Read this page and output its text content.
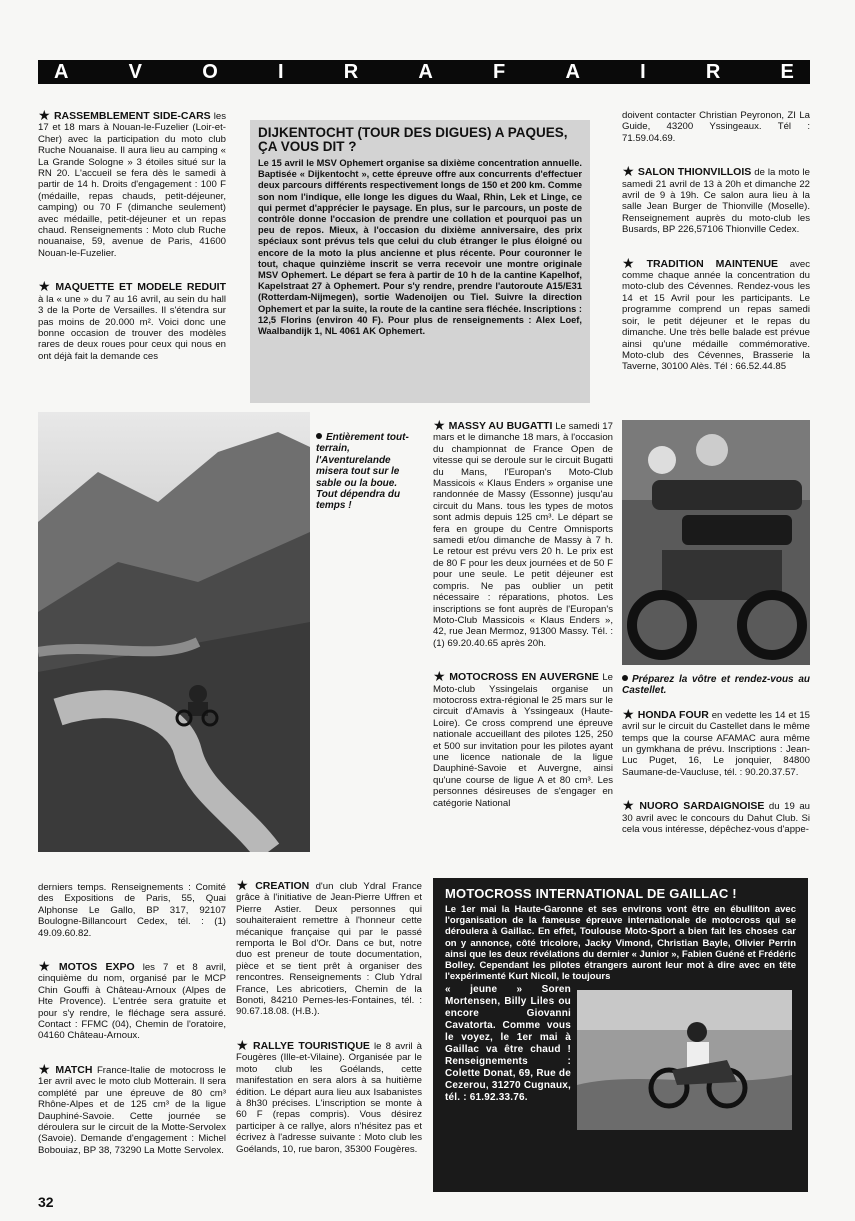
A	V	O	I	R	A	F	A	I	R	E

★ RASSEMBLEMENT SIDE-CARS les 17 et 18 mars à Nouan-le-Fuzelier (Loir-et-Cher) avec la participation du moto club Ruche Nouanaise. Il aura lieu au camping « La Grande Sologne » 3 étoiles situé sur la RN 20. L'accueil se fera dès le samedi à partir de 14 h. Droits d'engagement : 100 F (médaille, repas chauds, petit-déjeuner, camping) ou 70 F (dimanche seulement) avec médaille, petit-déjeuner et un repas chaud. Renseignements : Moto club Ruche nouanaise, 59, avenue de Paris, 41600 Nouan-le-Fuzelier.

★ MAQUETTE ET MODELE REDUIT à la « une » du 7 au 16 avril, au sein du hall 3 de la Porte de Versailles. Il s'étendra sur pas moins de 20.000 m². Voici donc une bonne occasion de trouver des modèles rares de deux roues pour ceux qui nous en ont déjà fait la demande ces

DIJKENTOCHT (TOUR DES DIGUES) A PAQUES, ÇA VOUS DIT ?

Le 15 avril le MSV Ophemert organise sa dixième concentration annuelle. Baptisée « Dijkentocht », cette épreuve offre aux concurrents d'effectuer deux parcours différents respectivement longs de 150 et 200 km. Comme son nom l'indique, elle longe les digues du Waal, Rhin, Lek et Linge, ce qui permet d'apprécier le paysage. En plus, sur le parcours, un poste de contrôle donne l'occasion de prendre une collation et pourquoi pas un peu de repos. Mieux, à l'occasion du dixième anniversaire, des prix spéciaux sont prévus tels que celui du club étranger le plus éloigné ou encore de la moto la plus ancienne et plus récente. Pour couronner le tout, chaque quinzième inscrit se verra recevoir une montre originale MSV Ophemert. Le départ se fera à partir de 10 h de la cantine Kapelhof, Kapelstraat 27 à Ophemert. Pour s'y rendre, prendre l'autoroute A15/E31 (Rotterdam-Nijmegen), sortie Wadenoijen ou Tiel. Suivre la direction Ophemert et par la suite, la route de la cantine sera fléchée. Inscriptions : 12,5 Florins (environ 40 F). Pour plus de renseignements : Alex Loef, Waalbandijk 1, NL 4061 AK Ophemert.

doivent contacter Christian Peyronon, ZI La Guide, 43200 Yssingeaux. Tél : 71.59.04.69.

★ SALON THIONVILLOIS de la moto le samedi 21 avril de 13 à 20h et dimanche 22 avril de 9 à 19h. Ce salon aura lieu à la salle Jean Burger de Thionville (Moselle). Renseignement auprès du moto-club les Busards, BP 226,57106 Thionville Cedex.

★ TRADITION MAINTENUE avec comme chaque année la concentration du moto-club des Cévennes. Rendez-vous les 14 et 15 Avril pour les participants. Le programme comprend un repas samedi soir, le petit déjeuner et le repas du dimanche. Une très belle balade est prévue ainsi qu'une médaille commémorative. Moto-club des Cévennes, Brasserie la Taverne, 30100 Alès. Tél : 66.52.44.85

Entièrement tout-terrain, l'Aventurelande misera tout sur le sable ou la boue. Tout dépendra du temps !

★ MASSY AU BUGATTI Le samedi 17 mars et le dimanche 18 mars, à l'occasion du championnat de France Open de vitesse qui se deroule sur le circuit Bugatti du Mans, l'Europan's Moto-Club Massicois « Klaus Enders » organise une randonnée de Massy (Essonne) jusqu'au circuit du Mans. tous les types de motos sont admis depuis 125 cm³. Le départ se fera en groupe du Centre Omnisports samedi et/ou dimanche de Massy à 7 h. Le retour est prévu vers 20 h. Le prix est de 80 F pour les deux journées et de 50 F pour une seule. Le petit déjeuner est compris. Ne pas oublier un petit nécessaire : réparations, photos. Les inscriptions se font auprès de l'Europan's Moto-Club Massicois « Klaus Enders », 42, rue Jean Mermoz, 91300 Massy. Tél. : (1) 69.20.40.65 après 20h.

★ MOTOCROSS EN AUVERGNE Le Moto-club Yssingelais organise un motocross extra-régional le 25 mars sur le circuit d'Amavis à Yssingeaux (Haute-Loire). Ce cross comprend une épreuve nationale accueillant des pilotes 125, 250 et 500 sur invitation pour les pilotes ayant une licence nationale de la ligue Dauphiné-Savoie et Auvergne, ainsi qu'une course de ligue A et 80 cm³. Les personnes désireuses de s'engager en catégorie National

Préparez la vôtre et rendez-vous au Castellet.

★ HONDA FOUR en vedette les 14 et 15 avril sur le circuit du Castellet dans le même temps que la course AFAMAC aura même un gymkhana de prévu. Inscriptions : Jean-Luc Puget, 16, Le jonquier, 84800 Saumane-de-Vaucluse, tél. : 90.20.37.57.

★ NUORO SARDAIGNOISE du 19 au 30 avril avec le concours du Dahut Club. Si cela vous intéresse, dépêchez-vous d'appe-

derniers temps. Renseignements : Comité des Expositions de Paris, 55, Quai Alphonse Le Gallo, BP 317, 92107 Boulogne-Billancourt Cedex, tél. : (1) 49.09.60.82.

★ MOTOS EXPO les 7 et 8 avril, cinquième du nom, organisé par le MCP Chin Gouffi à Château-Arnoux (Alpes de Hte Provence). L'entrée sera gratuite et pour s'y rendre, le fléchage sera assuré. Contact : FFMC (04), Chemin de l'oratoire, 04160 Château-Arnoux.

★ MATCH France-Italie de motocross le 1er avril avec le moto club Motterain. Il sera complété par une épreuve de 80 cm³ Rhône-Alpes et de 125 cm³ de la ligue Dauphiné-Savoie. Cette journée se déroulera sur le circuit de la Motte-Servolex (Savoie). Demande d'engagement : Michel Bobouiaz, BP 38, 73290 La Motte Servolex.

★ CREATION d'un club Ydral France grâce à l'initiative de Jean-Pierre Uffren et Pierre Astier. Deux personnes qui souhaiteraient remettre à l'honneur cette mécanique française qui par le passé remporta le Bol d'Or. Dans ce but, notre duo est preneur de toute documentation, pièce et se tient prêt à organiser des rencontres. Renseignements : Club Ydral France, Les abricotiers, Chemin de la Bonoti, 84210 Pernes-les-Fontaines, tél. : 90.67.18.08. (H.B.).

★ RALLYE TOURISTIQUE le 8 avril à Fougères (Ille-et-Vilaine). Organisée par le moto club les Goélands, cette manifestation en sera alors à sa huitième édition. Le départ aura lieu aux Isabanistes à 8h30 précises. L'inscription se monte à 60 F (repas compris). Vous désirez participer à ce rallye, alors n'hésitez pas et écrivez à l'adresse suivante : Moto club les Goélands, 10, rue baron, 35300 Fougères.

MOTOCROSS INTERNATIONAL DE GAILLAC !

Le 1er mai la Haute-Garonne et ses environs vont être en ébulliton avec l'organisation de la fameuse épreuve internationale de motocross qui se déroulera à Gaillac. En effet, Toulouse Moto-Sport a bien fait les choses car on y annonce, côté tricolore, Jacky Vimond, Christian Bayle, Olivier Perrin ainsi que les deux révélations du dernier « Junior », Fabien Guéné et Frédéric Bolley. Cependant les pilotes étrangers auront leur mot à dire avec en tête l'expérimenté Kurt Nicoll, le toujours

« jeune » Soren Mortensen, Billy Liles ou encore Giovanni Cavatorta. Comme vous le voyez, le 1er mai à Gaillac va être chaud ! Renseignements : Colette Donat, 69, Rue de Cezerou, 31270 Cugnaux, tél. : 61.92.33.76.

32
